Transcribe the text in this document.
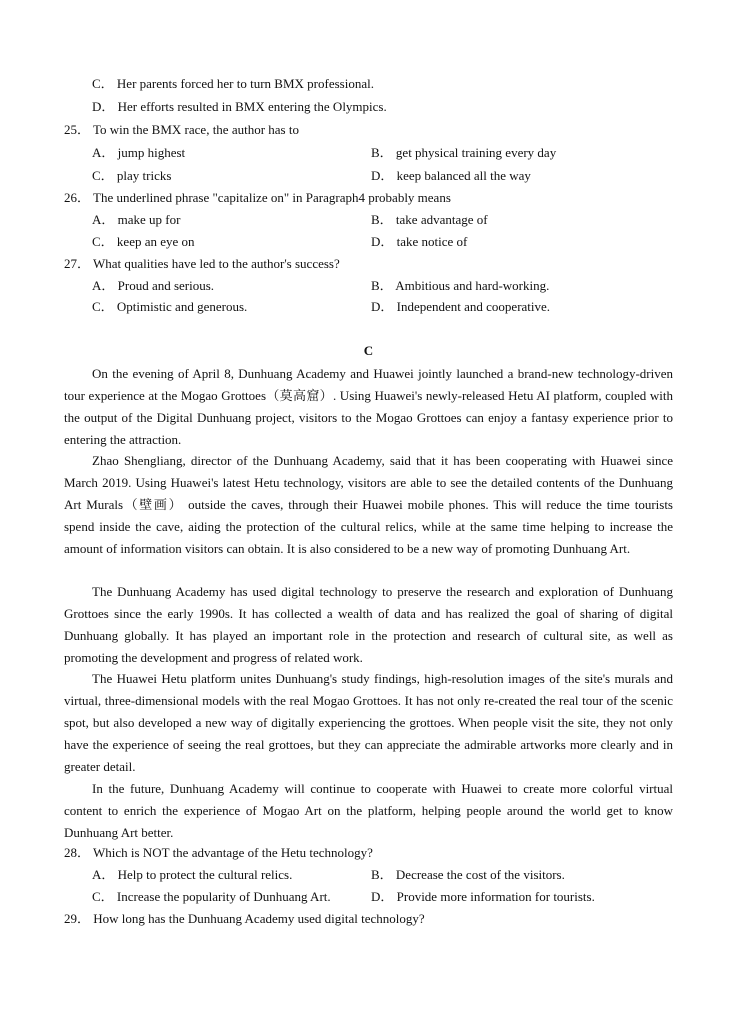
C． Her parents forced her to turn BMX professional.
D． Her efforts resulted in BMX entering the Olympics.
25． To win the BMX race, the author has to
A． jump highest	B． get physical training every day
C． play tricks	D． keep balanced all the way
26． The underlined phrase "capitalize on" in Paragraph4 probably means
A． make up for	B． take advantage of
C． keep an eye on	D． take notice of
27． What qualities have led to the author's success?
A． Proud and serious.	B． Ambitious and hard-working.
C． Optimistic and generous.	D． Independent and cooperative.
C
On the evening of April 8, Dunhuang Academy and Huawei jointly launched a brand-new technology-driven tour experience at the Mogao Grottoes（莫高窟）. Using Huawei's newly-released Hetu AI platform, coupled with the output of the Digital Dunhuang project, visitors to the Mogao Grottoes can enjoy a fantasy experience prior to entering the attraction.
Zhao Shengliang, director of the Dunhuang Academy, said that it has been cooperating with Huawei since March 2019. Using Huawei's latest Hetu technology, visitors are able to see the detailed contents of the Dunhuang Art Murals（壁画） outside the caves, through their Huawei mobile phones. This will reduce the time tourists spend inside the cave, aiding the protection of the cultural relics, while at the same time helping to increase the amount of information visitors can obtain. It is also considered to be a new way of promoting Dunhuang Art.
The Dunhuang Academy has used digital technology to preserve the research and exploration of Dunhuang Grottoes since the early 1990s. It has collected a wealth of data and has realized the goal of sharing of digital Dunhuang globally. It has played an important role in the protection and research of cultural site, as well as promoting the development and progress of related work.
The Huawei Hetu platform unites Dunhuang's study findings, high-resolution images of the site's murals and virtual, three-dimensional models with the real Mogao Grottoes. It has not only re-created the real tour of the scenic spot, but also developed a new way of digitally experiencing the grottoes. When people visit the site, they not only have the experience of seeing the real grottoes, but they can appreciate the admirable artworks more clearly and in greater detail.
In the future, Dunhuang Academy will continue to cooperate with Huawei to create more colorful virtual content to enrich the experience of Mogao Art on the platform, helping people around the world get to know Dunhuang Art better.
28． Which is NOT the advantage of the Hetu technology?
A． Help to protect the cultural relics.	B． Decrease the cost of the visitors.
C． Increase the popularity of Dunhuang Art.	D． Provide more information for tourists.
29． How long has the Dunhuang Academy used digital technology?
